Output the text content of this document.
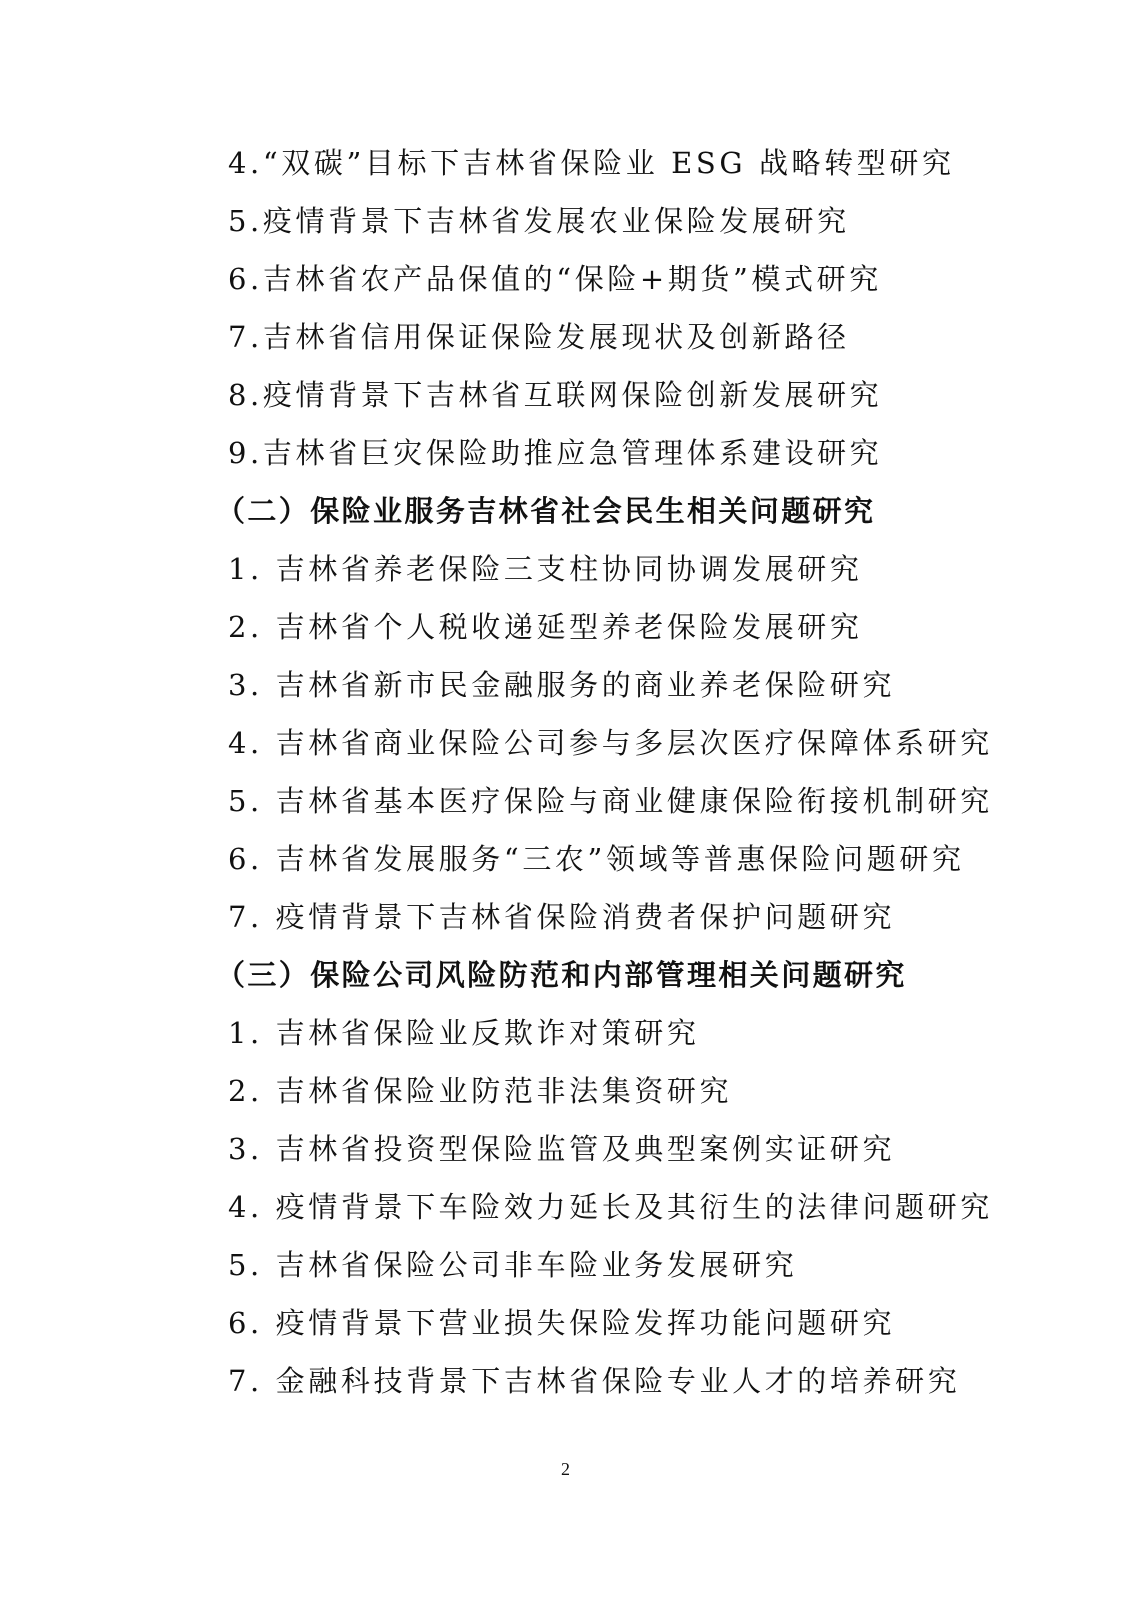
4.“双碳”目标下吉林省保险业 ESG 战略转型研究
5.疫情背景下吉林省发展农业保险发展研究
6.吉林省农产品保值的“保险+期货”模式研究
7.吉林省信用保证保险发展现状及创新路径
8.疫情背景下吉林省互联网保险创新发展研究
9.吉林省巨灾保险助推应急管理体系建设研究
（二）保险业服务吉林省社会民生相关问题研究
1. 吉林省养老保险三支柱协同协调发展研究
2. 吉林省个人税收递延型养老保险发展研究
3. 吉林省新市民金融服务的商业养老保险研究
4. 吉林省商业保险公司参与多层次医疗保障体系研究
5. 吉林省基本医疗保险与商业健康保险衔接机制研究
6. 吉林省发展服务“三农”领域等普惠保险问题研究
7. 疫情背景下吉林省保险消费者保护问题研究
（三）保险公司风险防范和内部管理相关问题研究
1. 吉林省保险业反欺诈对策研究
2. 吉林省保险业防范非法集资研究
3. 吉林省投资型保险监管及典型案例实证研究
4. 疫情背景下车险效力延长及其衍生的法律问题研究
5. 吉林省保险公司非车险业务发展研究
6. 疫情背景下营业损失保险发挥功能问题研究
7. 金融科技背景下吉林省保险专业人才的培养研究
2
